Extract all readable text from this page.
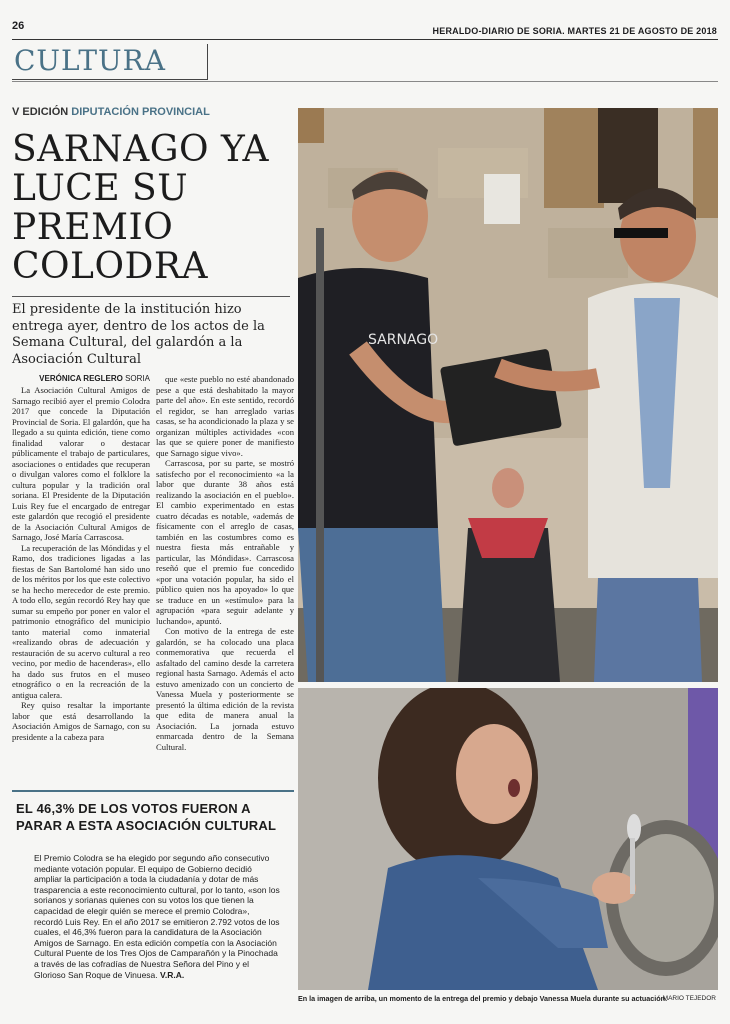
26	HERALDO-DIARIO DE SORIA. MARTES 21 DE AGOSTO DE 2018
CULTURA
V EDICIÓN DIPUTACIÓN PROVINCIAL
SARNAGO YA LUCE SU PREMIO COLODRA
El presidente de la institución hizo entrega ayer, dentro de los actos de la Semana Cultural, del galardón a la Asociación Cultural
VERÓNICA REGLERO SORIA

La Asociación Cultural Amigos de Sarnago recibió ayer el premio Colodra 2017 que concede la Diputación Provincial de Soria. El galardón, que ha llegado a su quinta edición, tiene como finalidad valorar o destacar públicamente el trabajo de particulares, asociaciones o entidades que recuperan o divulgan valores como el folklore la cultura popular y la tradición oral soriana. El Presidente de la Diputación Luis Rey fue el encargado de entregar este galardón que recogió el presidente de la Asociación Cultural Amigos de Sarnago, José María Carrascosa.

La recuperación de las Móndidas y el Ramo, dos tradiciones ligadas a las fiestas de San Bartolomé han sido uno de los méritos por los que este colectivo se ha hecho merecedor de este premio. A todo ello, según recordó Rey hay que sumar su empeño por poner en valor el patrimonio etnográfico del municipio tanto material como inmaterial «realizando obras de adecuación y restauración de su acervo cultural a reo vecino, por medio de hacenderas», ello ha dado sus frutos en el museo etnográfico o en la recreación de la antigua calera.

Rey quiso resaltar la importante labor que está desarrollando la Asociación Amigos de Sarnago, con su presidente a la cabeza para

que «este pueblo no esté abandonado pese a que está deshabitado la mayor parte del año». En este sentido, recordó el regidor, se han arreglado varias casas, se ha acondicionado la plaza y se organizan múltiples actividades «con las que se quiere poner de manifiesto que Sarnago sigue vivo».

Carrascosa, por su parte, se mostró satisfecho por el reconocimiento «a la labor que durante 38 años está realizando la asociación en el pueblo». El cambio experimentado en estas cuatro décadas es notable, «además de físicamente con el arreglo de casas, también en las costumbres como es nuestra fiesta más entrañable y particular, las Móndidas». Carrascosa reseñó que el premio fue concedido «por una votación popular, ha sido el público quien nos ha apoyado» lo que se traduce en un «estímulo» para la agrupación «para seguir adelante y luchando», apuntó.

Con motivo de la entrega de este galardón, se ha colocado una placa conmemorativa que recuerda el asfaltado del camino desde la carretera regional hasta Sarnago. Además el acto estuvo amenizado con un concierto de Vanessa Muela y posteriormente se presentó la última edición de la revista que edita de manera anual la Asociación. La jornada estuvo enmarcada dentro de la Semana Cultural.

EL 46,3% DE LOS VOTOS FUERON A PARAR A ESTA ASOCIACIÓN CULTURAL
El Premio Colodra se ha elegido por segundo año consecutivo mediante votación popular. El equipo de Gobierno decidió ampliar la participación a toda la ciudadanía y dotar de más trasparencia a este reconocimiento cultural, por lo tanto, «son los sorianos y sorianas quienes con su votos los que tienen la capacidad de elegir quién se merece el premio Colodra», recordó Luis Rey. En el año 2017 se emitieron 2.792 votos de los cuales, el 46,3% fueron para la candidatura de la Asociación Amigos de Sarnago. En esta edición competía con la Asociación Cultural Puente de los Tres Ojos de Camparañón y la Pinochada a través de las cofradías de Nuestra Señora del Pino y el Glorioso San Roque de Vinuesa. V.R.A.
SARNAGO
En la imagen de arriba, un momento de la entrega del premio y debajo Vanessa Muela durante su actuación.
MARIO TEJEDOR
